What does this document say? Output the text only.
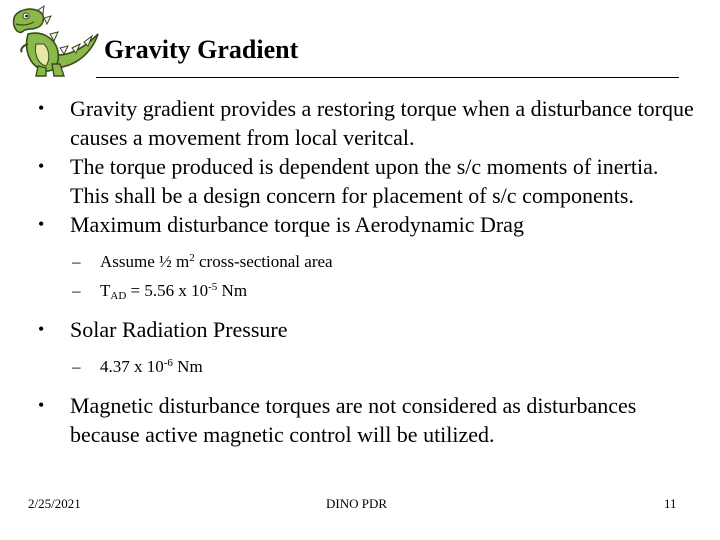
Gravity Gradient
• Gravity gradient provides a restoring torque when a disturbance torque causes a movement from local veritcal.
• The torque produced is dependent upon the s/c moments of inertia. This shall be a design concern for placement of s/c components.
• Maximum disturbance torque is Aerodynamic Drag
– Assume ½ $m^2$ cross-sectional area
– $T_{AD} = 5.56$ x $10^{-5}$ Nm
• Solar Radiation Pressure
– 4.37 x $10^{-6}$ Nm
• Magnetic disturbance torques are not considered as disturbances because active magnetic control will be utilized.
2/25/2021	DINO PDR	11
